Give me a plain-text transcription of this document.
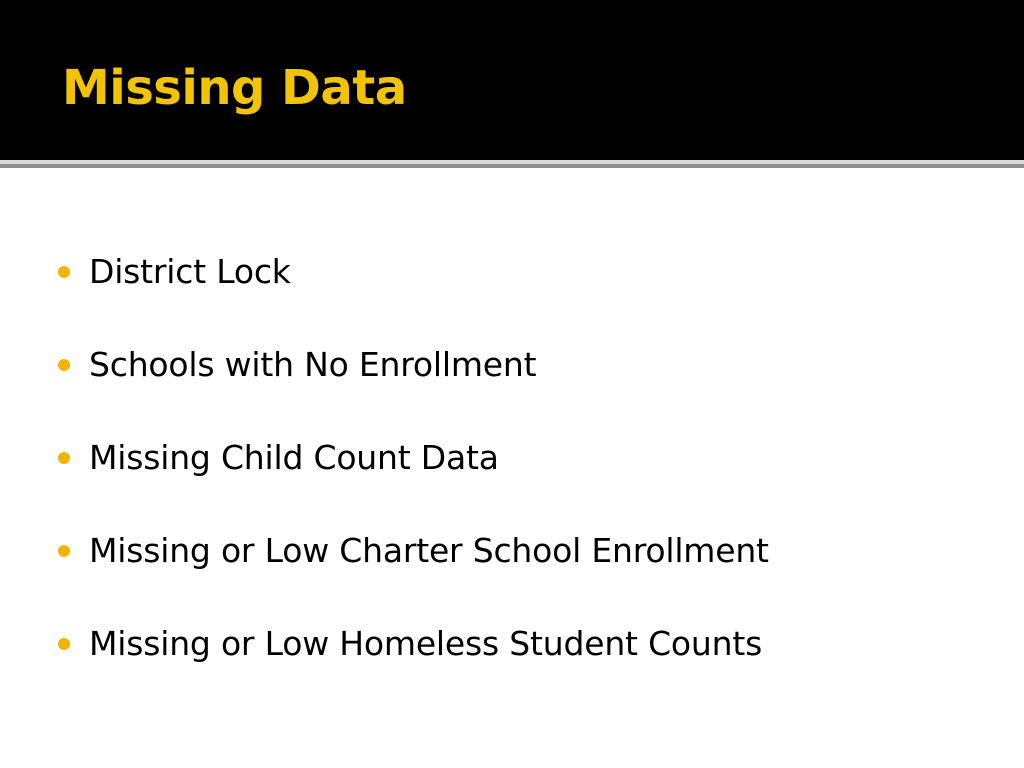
Missing Data
District Lock
Schools with No Enrollment
Missing Child Count Data
Missing or Low Charter School Enrollment
Missing or Low Homeless Student Counts
